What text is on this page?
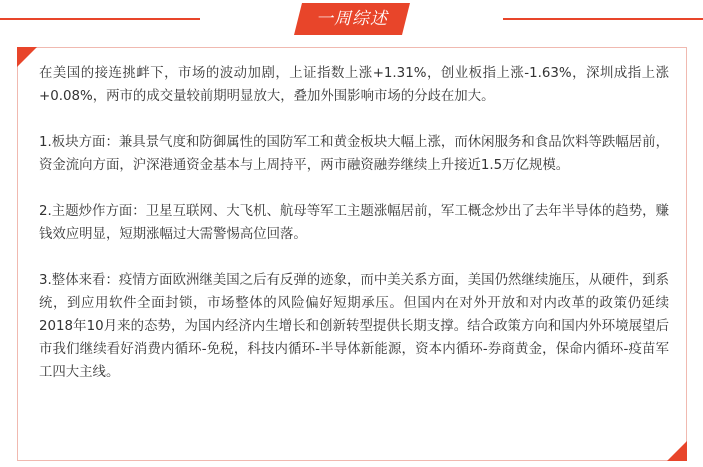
一周综述

在美国的接连挑衅下，市场的波动加剧，上证指数上涨+1.31%，创业板指上涨-1.63%，深圳成指上涨+0.08%，两市的成交量较前期明显放大，叠加外围影响市场的分歧在加大。

1.板块方面：兼具景气度和防御属性的国防军工和黄金板块大幅上涨，而休闲服务和食品饮料等跌幅居前，资金流向方面，沪深港通资金基本与上周持平，两市融资融券继续上升接近1.5万亿规模。

2.主题炒作方面：卫星互联网、大飞机、航母等军工主题涨幅居前，军工概念炒出了去年半导体的趋势，赚钱效应明显，短期涨幅过大需警惕高位回落。

3.整体来看：疫情方面欧洲继美国之后有反弹的迹象，而中美关系方面，美国仍然继续施压，从硬件，到系统，到应用软件全面封锁，市场整体的风险偏好短期承压。但国内在对外开放和对内改革的政策仍延续2018年10月来的态势，为国内经济内生增长和创新转型提供长期支撑。结合政策方向和国内外环境展望后市我们继续看好消费内循环-免税，科技内循环-半导体新能源，资本内循环-券商黄金，保命内循环-疫苗军工四大主线。
